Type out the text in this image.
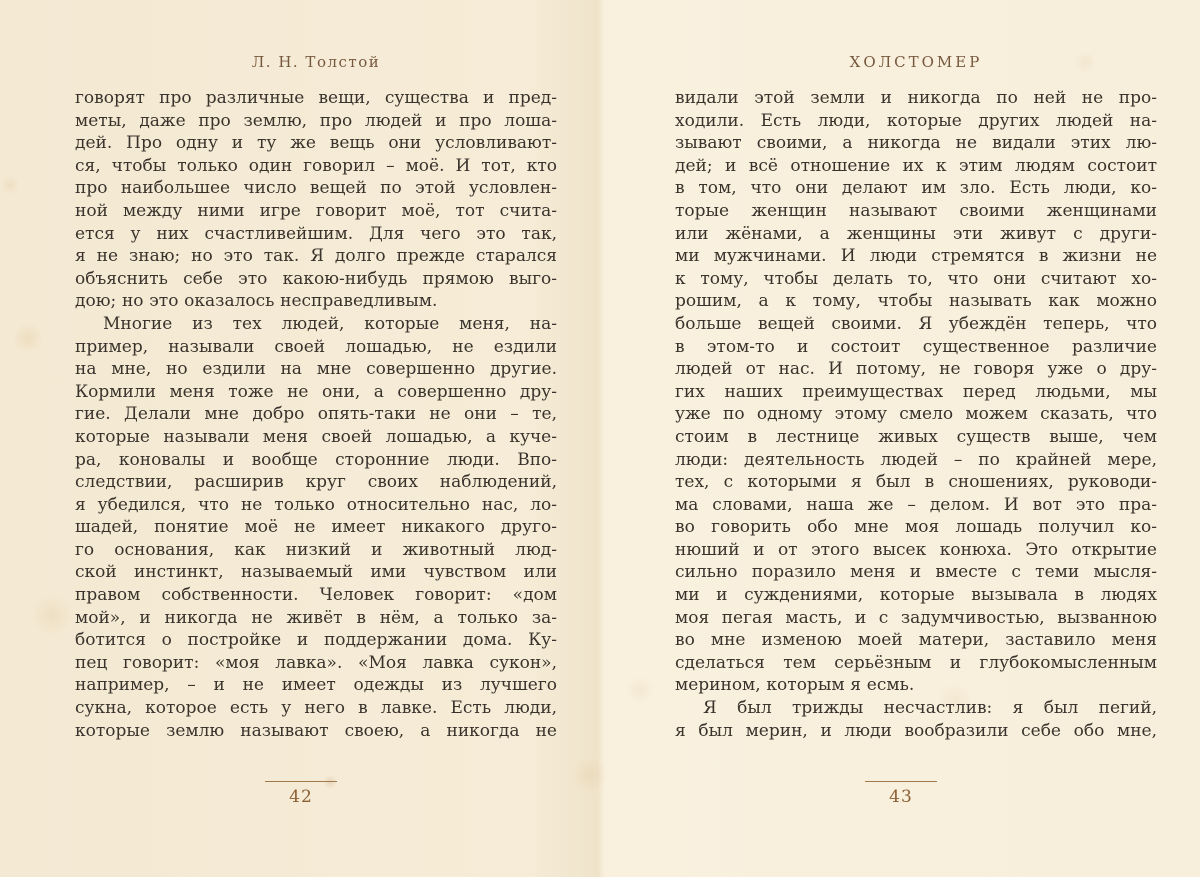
Л. Н. Толстой
говорят про различные вещи, существа и пред-
меты, даже про землю, про людей и про лоша-
дей. Про одну и ту же вещь они условливают-
ся, чтобы только один говорил – моё. И тот, кто
про наибольшее число вещей по этой условлен-
ной между ними игре говорит моё, тот счита-
ется у них счастливейшим. Для чего это так,
я не знаю; но это так. Я долго прежде старался
объяснить себе это какою-нибудь прямою выго-
дою; но это оказалось несправедливым.
Многие из тех людей, которые меня, на-
пример, называли своей лошадью, не ездили
на мне, но ездили на мне совершенно другие.
Кормили меня тоже не они, а совершенно дру-
гие. Делали мне добро опять-таки не они – те,
которые называли меня своей лошадью, а куче-
ра, коновалы и вообще сторонние люди. Впо-
следствии, расширив круг своих наблюдений,
я убедился, что не только относительно нас, ло-
шадей, понятие моё не имеет никакого друго-
го основания, как низкий и животный люд-
ской инстинкт, называемый ими чувством или
правом собственности. Человек говорит: «дом
мой», и никогда не живёт в нём, а только за-
ботится о постройке и поддержании дома. Ку-
пец говорит: «моя лавка». «Моя лавка сукон»,
например, – и не имеет одежды из лучшего
сукна, которое есть у него в лавке. Есть люди,
которые землю называют своею, а никогда не
42
ХОЛСТОМЕР
видали этой земли и никогда по ней не про-
ходили. Есть люди, которые других людей на-
зывают своими, а никогда не видали этих лю-
дей; и всё отношение их к этим людям состоит
в том, что они делают им зло. Есть люди, ко-
торые женщин называют своими женщинами
или жёнами, а женщины эти живут с други-
ми мужчинами. И люди стремятся в жизни не
к тому, чтобы делать то, что они считают хо-
рошим, а к тому, чтобы называть как можно
больше вещей своими. Я убеждён теперь, что
в этом-то и состоит существенное различие
людей от нас. И потому, не говоря уже о дру-
гих наших преимуществах перед людьми, мы
уже по одному этому смело можем сказать, что
стоим в лестнице живых существ выше, чем
люди: деятельность людей – по крайней мере,
тех, с которыми я был в сношениях, руководи-
ма словами, наша же – делом. И вот это пра-
во говорить обо мне моя лошадь получил ко-
нюший и от этого высек конюха. Это открытие
сильно поразило меня и вместе с теми мысля-
ми и суждениями, которые вызывала в людях
моя пегая масть, и с задумчивостью, вызванною
во мне изменою моей матери, заставило меня
сделаться тем серьёзным и глубокомысленным
мерином, которым я есмь.
Я был трижды несчастлив: я был пегий,
я был мерин, и люди вообразили себе обо мне,
43
